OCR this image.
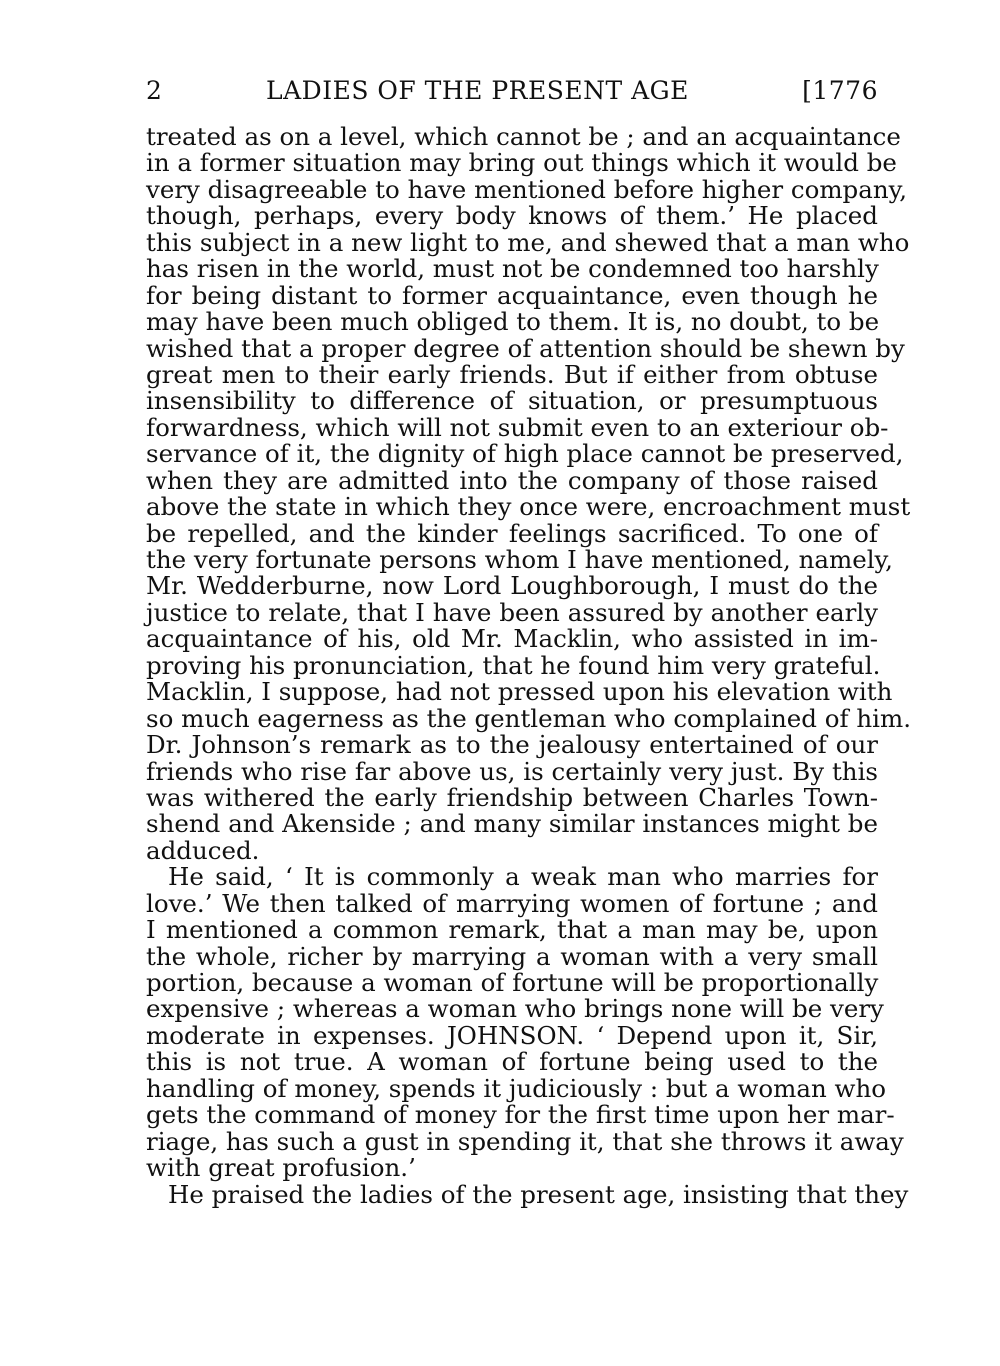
2	LADIES OF THE PRESENT AGE	[1776
treated as on a level, which cannot be ; and an acquaintance
in a former situation may bring out things which it would be
very disagreeable to have mentioned before higher company,
though, perhaps, every body knows of them.’ He placed
this subject in a new light to me, and shewed that a man who
has risen in the world, must not be condemned too harshly
for being distant to former acquaintance, even though he
may have been much obliged to them. It is, no doubt, to be
wished that a proper degree of attention should be shewn by
great men to their early friends. But if either from obtuse
insensibility to difference of situation, or presumptuous
forwardness, which will not submit even to an exteriour ob-
servance of it, the dignity of high place cannot be preserved,
when they are admitted into the company of those raised
above the state in which they once were, encroachment must
be repelled, and the kinder feelings sacrificed. To one of
the very fortunate persons whom I have mentioned, namely,
Mr. Wedderburne, now Lord Loughborough, I must do the
justice to relate, that I have been assured by another early
acquaintance of his, old Mr. Macklin, who assisted in im-
proving his pronunciation, that he found him very grateful.
Macklin, I suppose, had not pressed upon his elevation with
so much eagerness as the gentleman who complained of him.
Dr. Johnson’s remark as to the jealousy entertained of our
friends who rise far above us, is certainly very just. By this
was withered the early friendship between Charles Town-
shend and Akenside ; and many similar instances might be
adduced.
He said, ‘ It is commonly a weak man who marries for
love.’ We then talked of marrying women of fortune ; and
I mentioned a common remark, that a man may be, upon
the whole, richer by marrying a woman with a very small
portion, because a woman of fortune will be proportionally
expensive ; whereas a woman who brings none will be very
moderate in expenses. JOHNSON. ‘ Depend upon it, Sir,
this is not true. A woman of fortune being used to the
handling of money, spends it judiciously : but a woman who
gets the command of money for the first time upon her mar-
riage, has such a gust in spending it, that she throws it away
with great profusion.’
He praised the ladies of the present age, insisting that they
